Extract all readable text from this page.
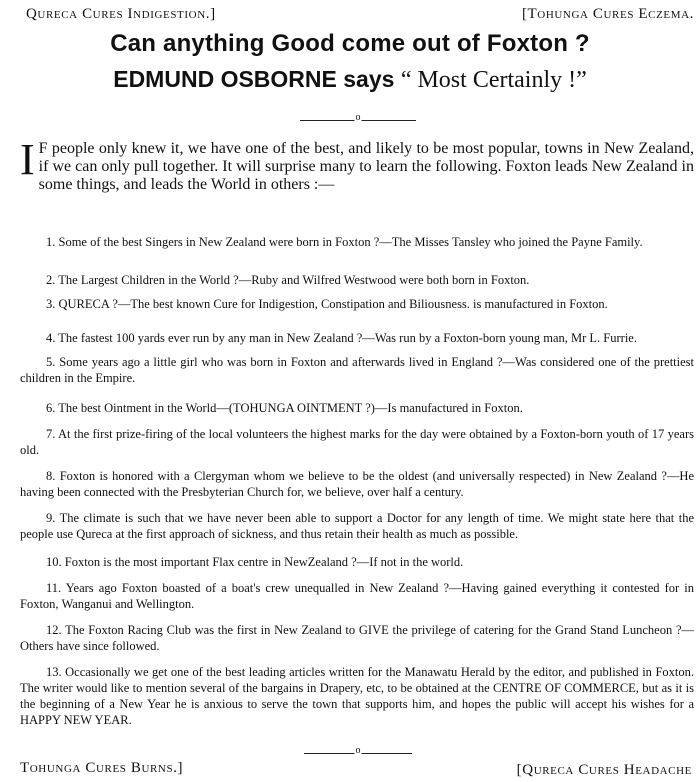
Qureca Cures Indigestion.]	[Tohunga Cures Eczema.
Can anything Good come out of Foxton ?
EDMUND OSBORNE says “ Most Certainly !”
o

I F people only knew it, we have one of the best, and likely to be most popular, towns in New Zealand, if we can only pull together. It will surprise many to learn the following. Foxton leads New Zealand in some things, and leads the World in others :—

1. Some of the best Singers in New Zealand were born in Foxton ?—The Misses Tansley who joined the Payne Family.

2. The Largest Children in the World ?—Ruby and Wilfred Westwood were both born in Foxton.

3. QURECA ?—The best known Cure for Indigestion, Constipation and Biliousness. is manufactured in Foxton.

4. The fastest 100 yards ever run by any man in New Zealand ?—Was run by a Foxton-born young man, Mr L. Furrie.

5. Some years ago a little girl who was born in Foxton and afterwards lived in England ?—Was considered one of the prettiest children in the Empire.

6. The best Ointment in the World—(TOHUNGA OINTMENT ?)—Is manufactured in Foxton.

7. At the first prize-firing of the local volunteers the highest marks for the day were obtained by a Foxton-born youth of 17 years old.

8. Foxton is honored with a Clergyman whom we believe to be the oldest (and universally respected) in New Zealand ?—He having been connected with the Presbyterian Church for, we believe, over half a century.

9. The climate is such that we have never been able to support a Doctor for any length of time. We might state here that the people use Qureca at the first approach of sickness, and thus retain their health as much as possible.

10. Foxton is the most important Flax centre in NewZealand ?—If not in the world.

11. Years ago Foxton boasted of a boat's crew unequalled in New Zealand ?—Having gained everything it contested for in Foxton, Wanganui and Wellington.

12. The Foxton Racing Club was the first in New Zealand to GIVE the privilege of catering for the Grand Stand Luncheon ?—Others have since followed.

13. Occasionally we get one of the best leading articles written for the Manawatu Herald by the editor, and published in Foxton. The writer would like to mention several of the bargains in Drapery, etc, to be obtained at the CENTRE OF COMMERCE, but as it is the beginning of a New Year he is anxious to serve the town that supports him, and hopes the public will accept his wishes for a HAPPY NEW YEAR.

o
Tohunga Cures Burns.]	[Qureca Cures Headache
